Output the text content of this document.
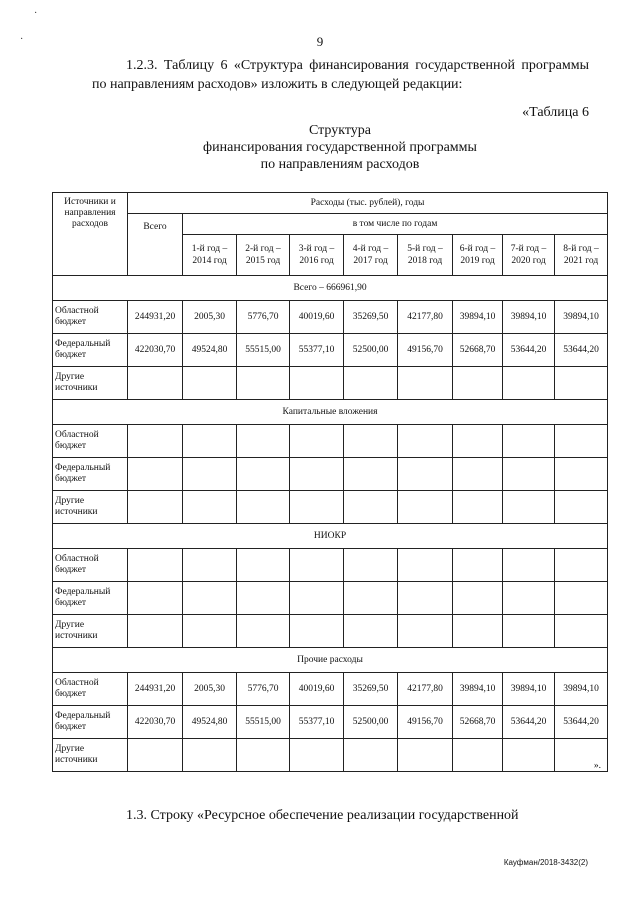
·
·	9
1.2.3. Таблицу 6 «Структура финансирования государственной программы по направлениям расходов» изложить в следующей редакции:
«Таблица 6
Структура
финансирования государственной программы
по направлениям расходов
Источники и направления расходов	Расходы (тыс. рублей), годы								
	Всего	в том числе по годам							
		1-й год – 2014 год	2-й год – 2015 год	3-й год – 2016 год	4-й год – 2017 год	5-й год – 2018 год	6-й год – 2019 год	7-й год – 2020 год	8-й год – 2021 год
Всего – 666961,90									
Областной бюджет	244931,20	2005,30	5776,70	40019,60	35269,50	42177,80	39894,10	39894,10	39894,10
Федеральный бюджет	422030,70	49524,80	55515,00	55377,10	52500,00	49156,70	52668,70	53644,20	53644,20
Другие источники									
Капитальные вложения									
Областной бюджет									
Федеральный бюджет									
Другие источники									
НИОКР									
Областной бюджет									
Федеральный бюджет									
Другие источники									
Прочие расходы									
Областной бюджет	244931,20	2005,30	5776,70	40019,60	35269,50	42177,80	39894,10	39894,10	39894,10
Федеральный бюджет	422030,70	49524,80	55515,00	55377,10	52500,00	49156,70	52668,70	53644,20	53644,20
Другие источники									».
1.3. Строку «Ресурсное обеспечение реализации государственной
Кауфман/2018-3432(2)
